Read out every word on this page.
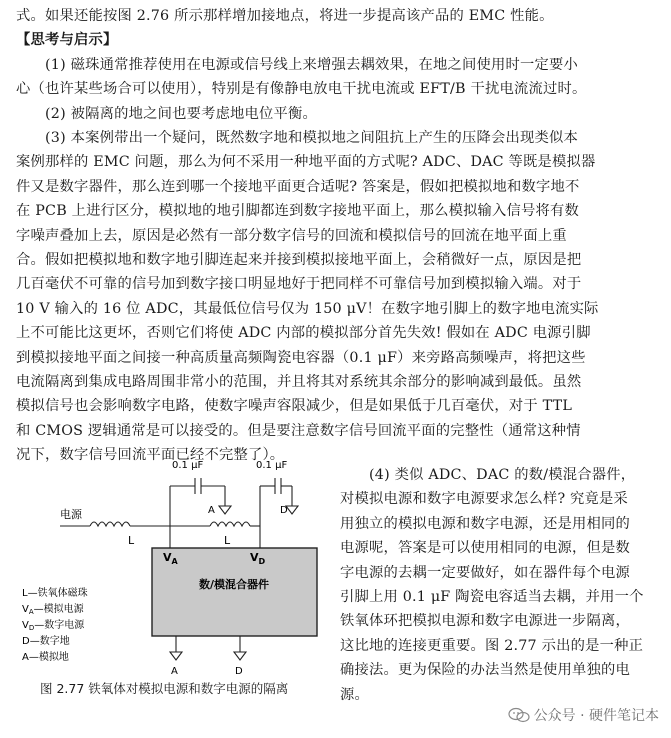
式。如果还能按图 2.76 所示那样增加接地点，将进一步提高该产品的 EMC 性能。

【思考与启示】

(1) 磁珠通常推荐使用在电源或信号线上来增强去耦效果，在地之间使用时一定要小
心（也许某些场合可以使用），特别是有像静电放电干扰电流或 EFT/B 干扰电流流过时。

(2) 被隔离的地之间也要考虑地电位平衡。

(3) 本案例带出一个疑问，既然数字地和模拟地之间阻抗上产生的压降会出现类似本
案例那样的 EMC 问题，那么为何不采用一种地平面的方式呢? ADC、DAC 等既是模拟器
件又是数字器件，那么连到哪一个接地平面更合适呢? 答案是，假如把模拟地和数字地不
在 PCB 上进行区分，模拟地的地引脚都连到数字接地平面上，那么模拟输入信号将有数
字噪声叠加上去，原因是必然有一部分数字信号的回流和模拟信号的回流在地平面上重
合。假如把模拟地和数字地引脚连起来并接到模拟接地平面上，会稍微好一点，原因是把
几百毫伏不可靠的信号加到数字接口明显地好于把同样不可靠信号加到模拟输入端。对于
10 V 输入的 16 位 ADC，其最低位信号仅为 150 μV！在数字地引脚上的数字地电流实际
上不可能比这更坏，否则它们将使 ADC 内部的模拟部分首先失效! 假如在 ADC 电源引脚
到模拟接地平面之间接一种高质量高频陶瓷电容器（0.1 μF）来旁路高频噪声，将把这些
电流隔离到集成电路周围非常小的范围，并且将其对系统其余部分的影响减到最低。虽然
模拟信号也会影响数字电路，使数字噪声容限减少，但是如果低于几百毫伏，对于 TTL
和 CMOS 逻辑通常是可以接受的。但是要注意数字信号回流平面的完整性（通常这种情
况下，数字信号回流平面已经不完整了）。

(4) 类似 ADC、DAC 的数/模混合器件，
对模拟电源和数字电源要求怎么样? 究竟是采
用独立的模拟电源和数字电源，还是用相同的
电源呢，答案是可以使用相同的电源，但是数
字电源的去耦一定要做好，如在器件每个电源
引脚上用 0.1 μF 陶瓷电容适当去耦，并用一个
铁氧体环把模拟电源和数字电源进一步隔离，
这比地的连接更重要。图 2.77 示出的是一种正
确接法。更为保险的办法当然是使用单独的电
源。
0.1 μF	0.1 μF
电源
L	L
A	D
$V_A$	$V_D$
数/模混合器件
A	D
L—铁氧体磁珠
$V_A—$模拟电源
$V_D—$数字电源
D—数字地
A—模拟地
图 2.77 铁氧体对模拟电源和数字电源的隔离
公众号 · 硬件笔记本
